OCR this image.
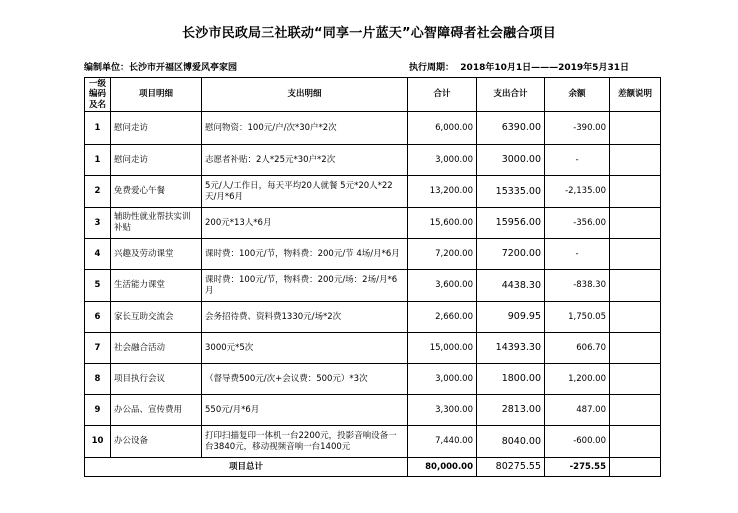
长沙市民政局三社联动“同享一片蓝天”心智障碍者社会融合项目
编制单位：长沙市开福区博爱风亭家园	执行周期： 2018年10月1日———2019年5月31日
一级编码及名	项目明细	支出明细	合计	支出合计	余额	差额说明
1	慰问走访	慰问物资：100元/户/次*30户*2次	6,000.00	6390.00	-390.00	
1	慰问走访	志愿者补贴：2人*25元*30户*2次	3,000.00	3000.00	-	
2	免费爱心午餐	5元/人/工作日，每天平均20人就餐 5元*20人*22天/月*6月	13,200.00	15335.00	-2,135.00	
3	辅助性就业帮扶实训补贴	200元*13人*6月	15,600.00	15956.00	-356.00	
4	兴趣及劳动课堂	课时费：100元/节，物料费：200元/节 4场/月*6月	7,200.00	7200.00	-	
5	生活能力课堂	课时费：100元/节，物料费：200元/场：2场/月*6月	3,600.00	4438.30	-838.30	
6	家长互助交流会	会务招待费、资料费1330元/场*2次	2,660.00	909.95	1,750.05	
7	社会融合活动	3000元*5次	15,000.00	14393.30	606.70	
8	项目执行会议	（督导费500元/次+会议费：500元）*3次	3,000.00	1800.00	1,200.00	
9	办公品、宣传费用	550元/月*6月	3,300.00	2813.00	487.00	
10	办公设备	打印扫描复印一体机一台2200元，投影音响设备一台3840元，移动视频音响一台1400元	7,440.00	8040.00	-600.00	
项目总计			80,000.00	80275.55	-275.55	
